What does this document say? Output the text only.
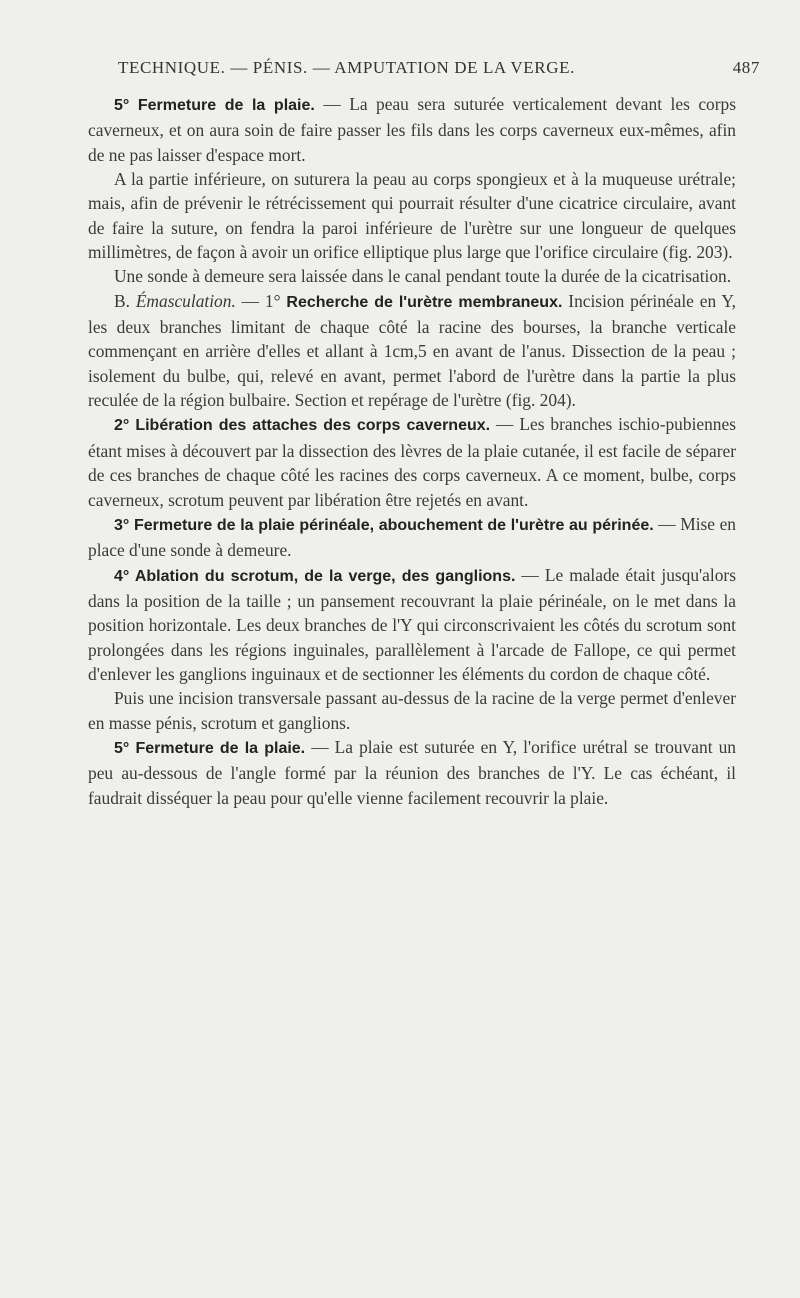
TECHNIQUE. — PÉNIS. — AMPUTATION DE LA VERGE.	487

5° Fermeture de la plaie. — La peau sera suturée verticalement devant les corps caverneux, et on aura soin de faire passer les fils dans les corps caverneux eux-mêmes, afin de ne pas laisser d'espace mort.

A la partie inférieure, on suturera la peau au corps spongieux et à la muqueuse urétrale; mais, afin de prévenir le rétrécissement qui pourrait résulter d'une cicatrice circulaire, avant de faire la suture, on fendra la paroi inférieure de l'urètre sur une longueur de quelques millimètres, de façon à avoir un orifice elliptique plus large que l'orifice circulaire (fig. 203).

Une sonde à demeure sera laissée dans le canal pendant toute la durée de la cicatrisation.

B. Émasculation. — 1° Recherche de l'urètre membraneux. Incision périnéale en Y, les deux branches limitant de chaque côté la racine des bourses, la branche verticale commençant en arrière d'elles et allant à 1cm,5 en avant de l'anus. Dissection de la peau ; isolement du bulbe, qui, relevé en avant, permet l'abord de l'urètre dans la partie la plus reculée de la région bulbaire. Section et repérage de l'urètre (fig. 204).

2° Libération des attaches des corps caverneux. — Les branches ischio-pubiennes étant mises à découvert par la dissection des lèvres de la plaie cutanée, il est facile de séparer de ces branches de chaque côté les racines des corps caverneux. A ce moment, bulbe, corps caverneux, scrotum peuvent par libération être rejetés en avant.

3° Fermeture de la plaie périnéale, abouchement de l'urètre au périnée. — Mise en place d'une sonde à demeure.

4° Ablation du scrotum, de la verge, des ganglions. — Le malade était jusqu'alors dans la position de la taille ; un pansement recouvrant la plaie périnéale, on le met dans la position horizontale. Les deux branches de l'Y qui circonscrivaient les côtés du scrotum sont prolongées dans les régions inguinales, parallèlement à l'arcade de Fallope, ce qui permet d'enlever les ganglions inguinaux et de sectionner les éléments du cordon de chaque côté.

Puis une incision transversale passant au-dessus de la racine de la verge permet d'enlever en masse pénis, scrotum et ganglions.

5° Fermeture de la plaie. — La plaie est suturée en Y, l'orifice urétral se trouvant un peu au-dessous de l'angle formé par la réunion des branches de l'Y. Le cas échéant, il faudrait disséquer la peau pour qu'elle vienne facilement recouvrir la plaie.
